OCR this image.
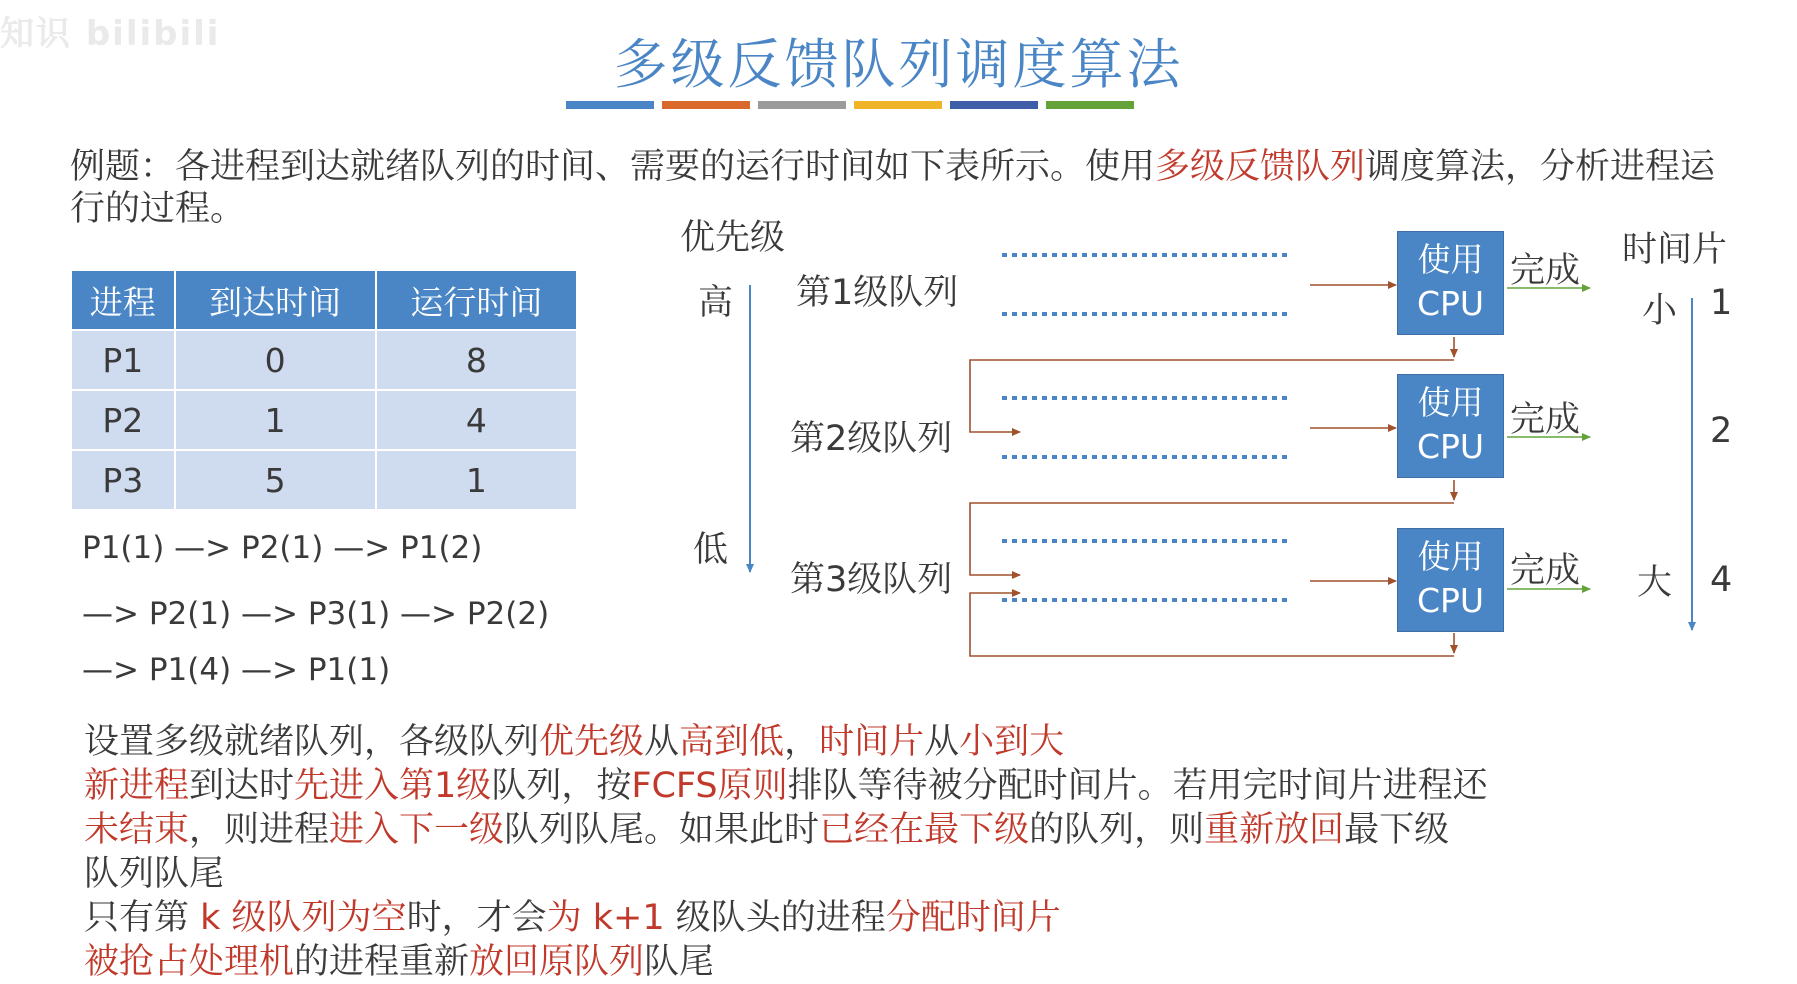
知识 bilibili	多级反馈队列调度算法
例题：各进程到达就绪队列的时间、需要的运行时间如下表所示。使用多级反馈队列调度算法，分析进程运行的过程。
进程	到达时间	运行时间
P1	0	8
P2	1	4
P3	5	1
P1(1) —> P2(1) —> P1(2)
—> P2(1) —> P3(1) —> P2(2)
—> P1(4) —> P1(1)
优先级
高
低
第1级队列
第2级队列
第3级队列
使用
CPU
使用
CPU
使用
CPU
完成
完成
完成
时间片
小
大
1
2
4
设置多级就绪队列，各级队列优先级从高到低，时间片从小到大
新进程到达时先进入第1级队列，按FCFS原则排队等待被分配时间片。若用完时间片进程还
未结束，则进程进入下一级队列队尾。如果此时已经在最下级的队列，则重新放回最下级
队列队尾
只有第 k 级队列为空时，才会为 k+1 级队头的进程分配时间片
被抢占处理机的进程重新放回原队列队尾
